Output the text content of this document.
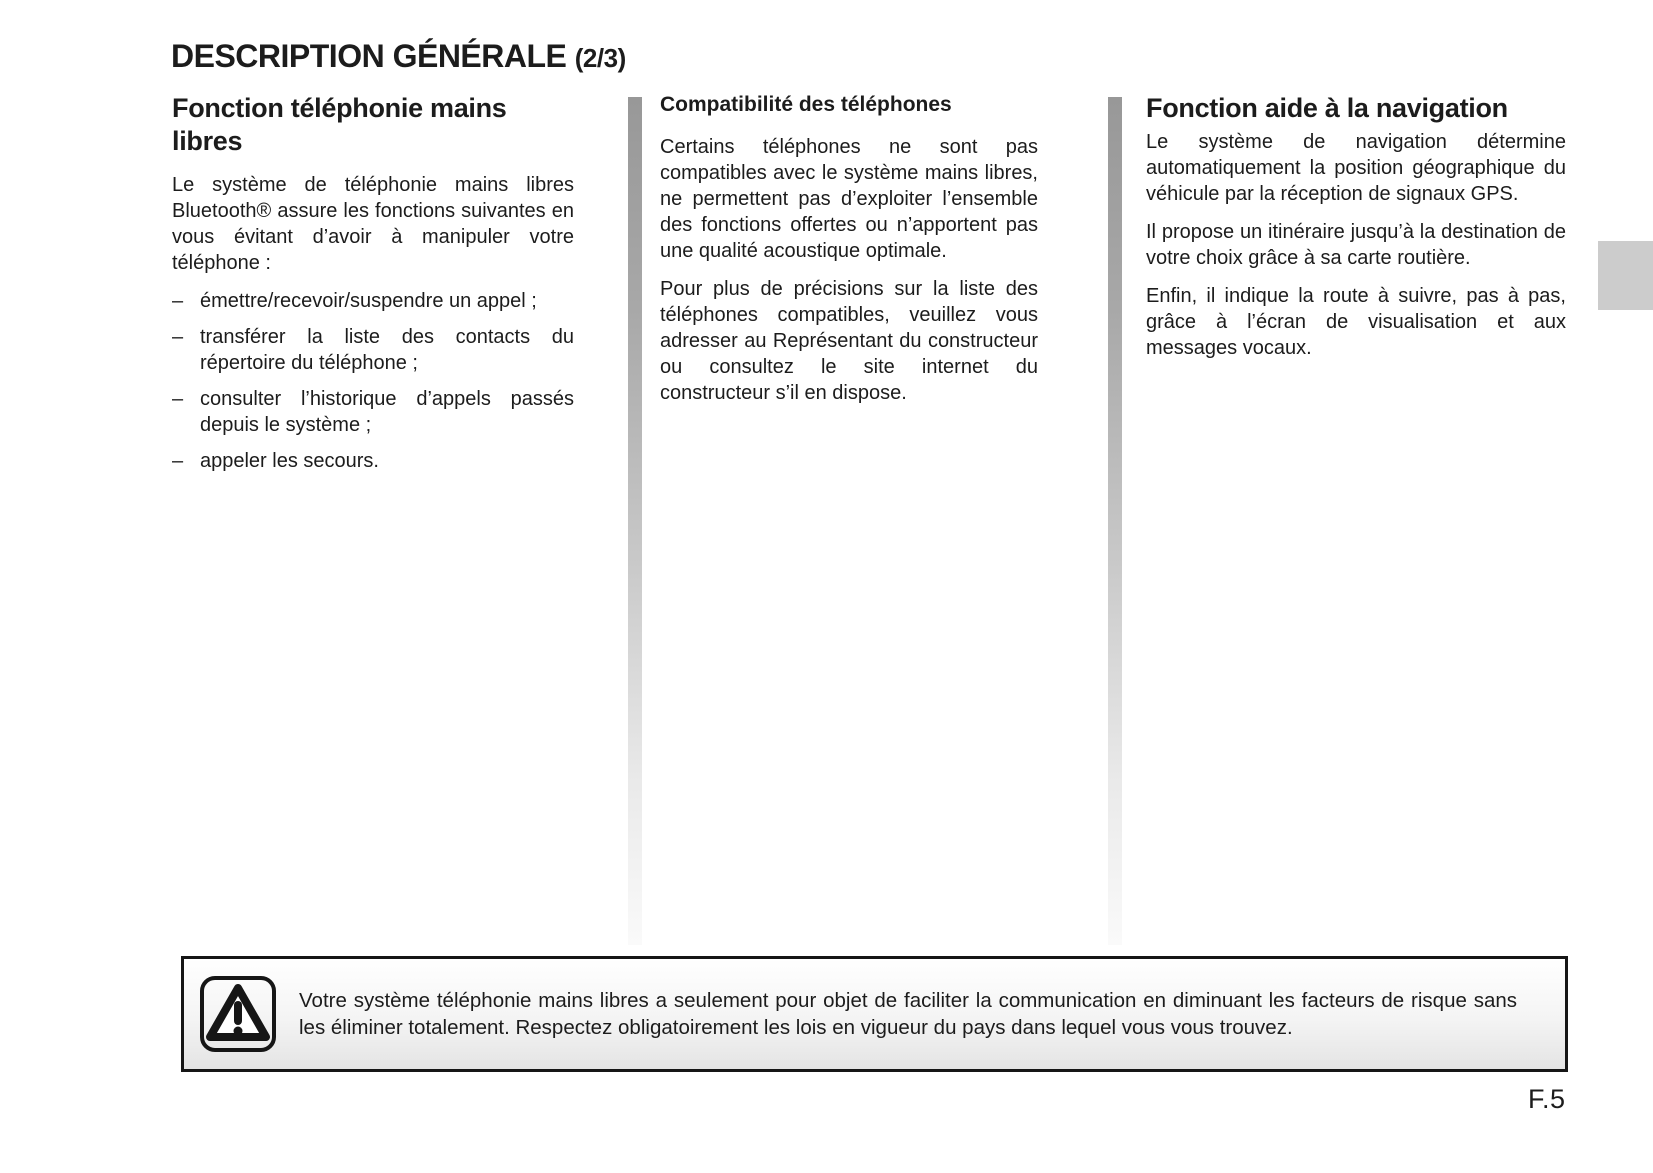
DESCRIPTION GÉNÉRALE (2/3)
Fonction téléphonie mains libres

Le système de téléphonie mains libres Bluetooth® assure les fonctions suivantes en vous évitant d’avoir à manipuler votre téléphone :

– émettre/recevoir/suspendre un appel ;
– transférer la liste des contacts du répertoire du téléphone ;
– consulter l’historique d’appels passés depuis le système ;
– appeler les secours.
Compatibilité des téléphones

Certains téléphones ne sont pas compatibles avec le système mains libres, ne permettent pas d’exploiter l’ensemble des fonctions offertes ou n’apportent pas une qualité acoustique optimale.

Pour plus de précisions sur la liste des téléphones compatibles, veuillez vous adresser au Représentant du constructeur ou consultez le site internet du constructeur s’il en dispose.

Fonction aide à la navigation

Le système de navigation détermine automatiquement la position géographique du véhicule par la réception de signaux GPS.

Il propose un itinéraire jusqu’à la destination de votre choix grâce à sa carte routière.

Enfin, il indique la route à suivre, pas à pas, grâce à l’écran de visualisation et aux messages vocaux.

Votre système téléphonie mains libres a seulement pour objet de faciliter la communication en diminuant les facteurs de risque sans les éliminer totalement. Respectez obligatoirement les lois en vigueur du pays dans lequel vous vous trouvez.

F.5
